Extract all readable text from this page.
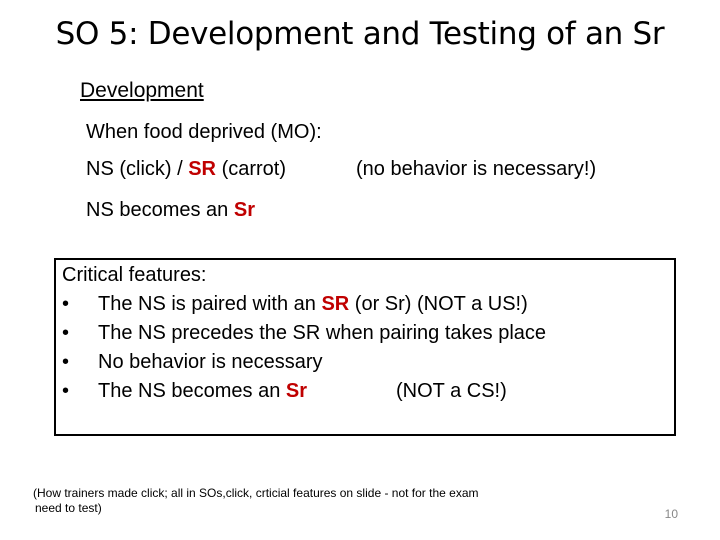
SO 5: Development and Testing of an Sr
Development
When food deprived (MO):
NS (click) / SR (carrot)	(no behavior is necessary!)
NS becomes an Sr
Critical features:
• The NS is paired with an SR (or Sr) (NOT a US!)
• The NS precedes the SR when pairing takes place
• No behavior is necessary
• The NS becomes an Sr	(NOT a CS!)
(How trainers made click; all in SOs,click, crticial features on slide - not for the exam
need to test)	10
